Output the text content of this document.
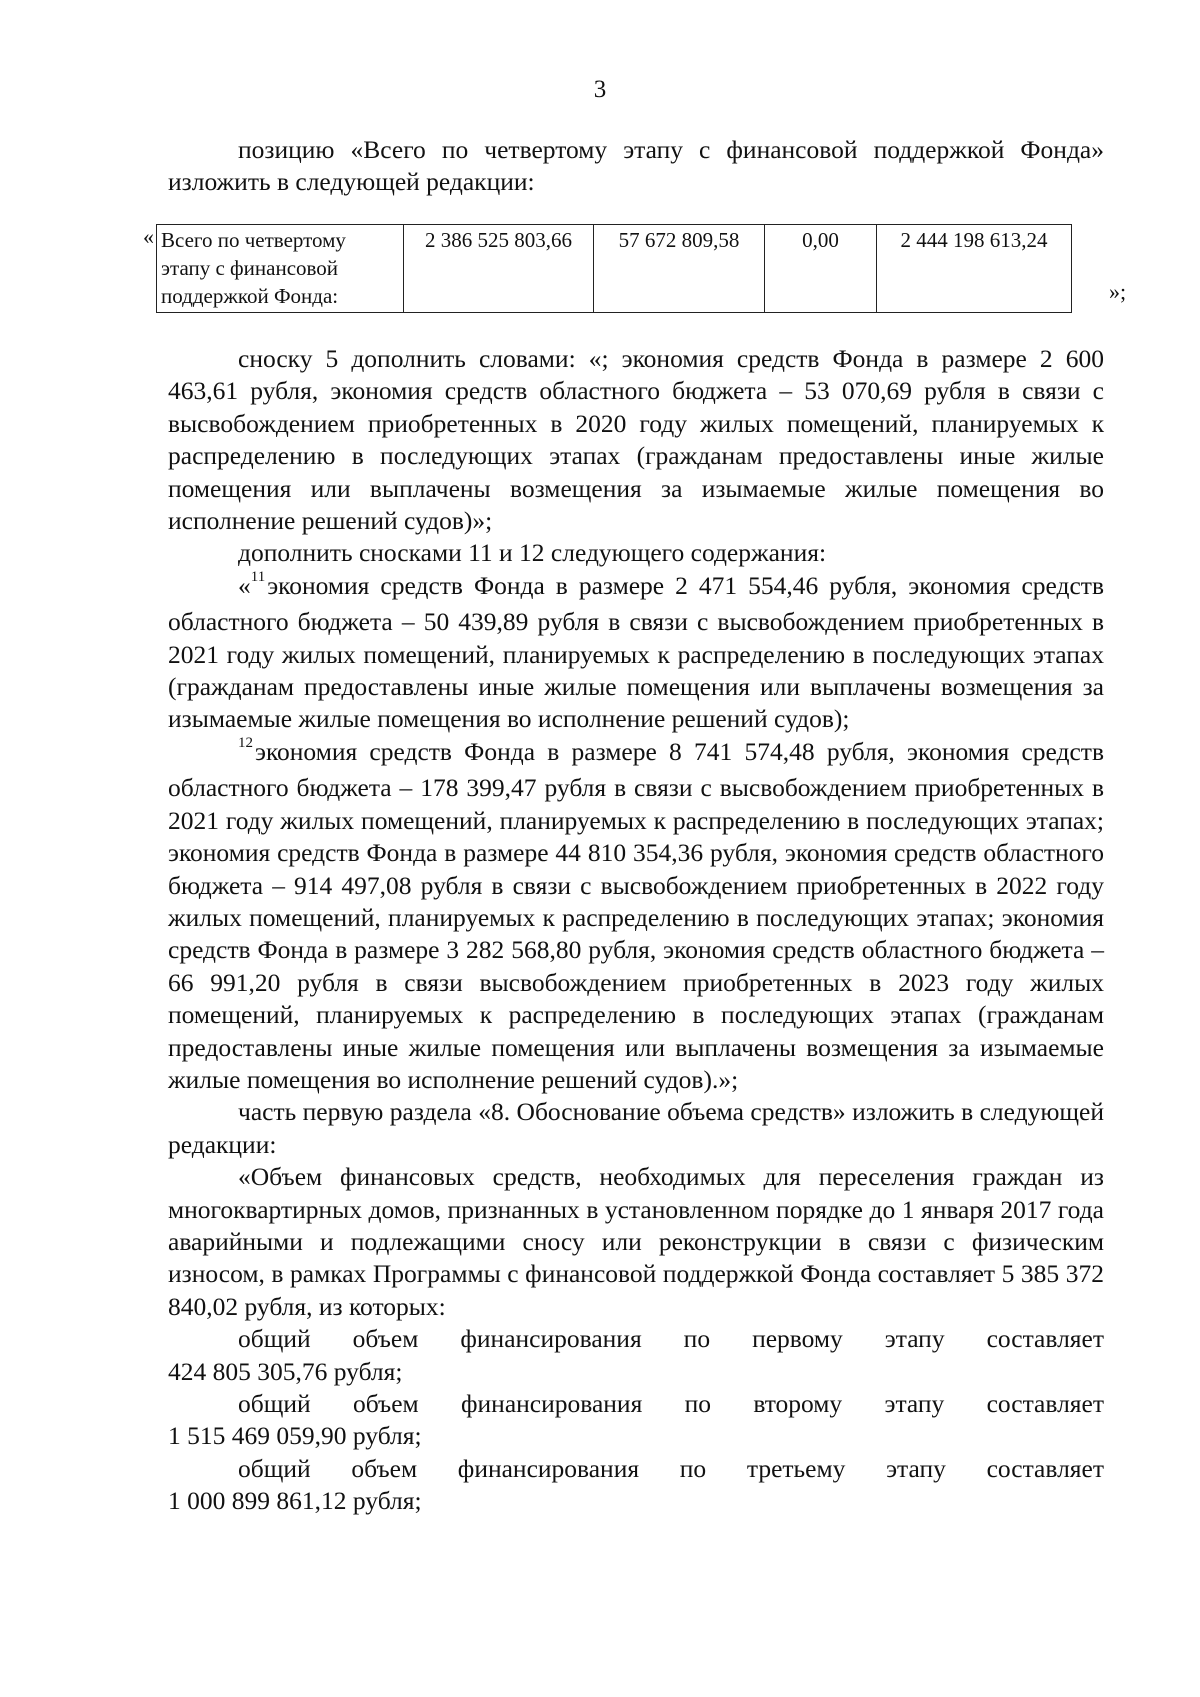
3

позицию «Всего по четвертому этапу с финансовой поддержкой Фонда» изложить в следующей редакции:

« Всего по четвертому этапу с финансовой поддержкой Фонда:	2 386 525 803,66	57 672 809,58	0,00	2 444 198 613,24
»;

сноску 5 дополнить словами: «; экономия средств Фонда в размере 2 600 463,61 рубля, экономия средств областного бюджета – 53 070,69 рубля в связи с высвобождением приобретенных в 2020 году жилых помещений, планируемых к распределению в последующих этапах (гражданам предоставлены иные жилые помещения или выплачены возмещения за изымаемые жилые помещения во исполнение решений судов)»;

дополнить сносками 11 и 12 следующего содержания:

«$^{11}$экономия средств Фонда в размере 2 471 554,46 рубля, экономия средств областного бюджета – 50 439,89 рубля в связи с высвобождением приобретенных в 2021 году жилых помещений, планируемых к распределению в последующих этапах (гражданам предоставлены иные жилые помещения или выплачены возмещения за изымаемые жилые помещения во исполнение решений судов);

$^{12}$экономия средств Фонда в размере 8 741 574,48 рубля, экономия средств областного бюджета – 178 399,47 рубля в связи с высвобождением приобретенных в 2021 году жилых помещений, планируемых к распределению в последующих этапах; экономия средств Фонда в размере 44 810 354,36 рубля, экономия средств областного бюджета – 914 497,08 рубля в связи с высвобождением приобретенных в 2022 году жилых помещений, планируемых к распределению в последующих этапах; экономия средств Фонда в размере 3 282 568,80 рубля, экономия средств областного бюджета – 66 991,20 рубля в связи высвобождением приобретенных в 2023 году жилых помещений, планируемых к распределению в последующих этапах (гражданам предоставлены иные жилые помещения или выплачены возмещения за изымаемые жилые помещения во исполнение решений судов).»;

часть первую раздела «8. Обоснование объема средств» изложить в следующей редакции:

«Объем финансовых средств, необходимых для переселения граждан из многоквартирных домов, признанных в установленном порядке до 1 января 2017 года аварийными и подлежащими сносу или реконструкции в связи с физическим износом, в рамках Программы с финансовой поддержкой Фонда составляет 5 385 372 840,02 рубля, из которых:

общий объем финансирования по первому этапу составляет

424 805 305,76 рубля;

общий объем финансирования по второму этапу составляет

1 515 469 059,90 рубля;

общий объем финансирования по третьему этапу составляет

1 000 899 861,12 рубля;
